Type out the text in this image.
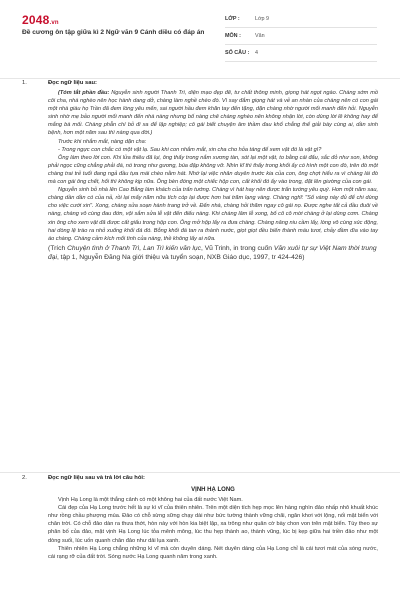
2048.vn
Đề cương ôn tập giữa kì 2 Ngữ văn 9 Cánh diều có đáp án
LỚP :	Lớp 9
MÔN :	Văn
SỐ CÂU :	4
1.	Đọc ngữ liệu sau:

(Tóm tắt phần đầu: Nguyễn sinh người Thanh Trì, diện mạo đẹp đẽ, tư chất thông minh, giọng hát ngọt ngào. Chàng sớm mồ côi cha, nhà nghèo nên học hành dang dở, chàng làm nghề chèo đò. Vì say đắm giọng hát và vẻ an nhàn của chàng nên có con gái một nhà giàu họ Trần đã đem lòng yêu mến, sai người hầu đem khăn tay đến tặng, dặn chàng nhờ người mối manh đến hỏi. Nguyễn sinh nhờ mẹ bảo người mối manh đến nhà nàng nhưng bố nàng chê chàng nghèo nên không nhận lời, còn dùng lời lẽ không hay để mắng bà mối. Chàng phẫn chí bỏ đi xa để lập nghiệp; cô gái biết chuyện âm thầm đau khổ chẳng thể giải bày cùng ai, dần sinh bệnh, hơn một năm sau thì nàng qua đời.)

Trước khi nhắm mắt, nàng dặn cha:

- Trong ngực con chắc có một vật lạ. Sau khi con nhắm mắt, xin cha cho hỏa táng để xem vật đó là vật gì?

Ông làm theo lời con. Khi lửa thiêu đã lụi, ông thấy trong nắm xương tàn, sót lại một vật, to bằng cái đấu, sắc đỏ như son, không phải ngọc cũng chẳng phải đá, nó trong như gương, búa đập không vỡ. Nhìn kĩ thì thấy trong khối ấy có hình một con đò, trên đò một chàng trai trẻ tuổi đang ngả đầu tựa mái chèo nằm hát. Nhớ lại việc nhân duyên trước kia của con, ông chợt hiểu ra vì chàng lái đò mà con gái ông chết, hối thì không kịp nữa. Ông bèn đóng một chiếc hộp con, cất khối đó ấy vào trong, đặt lên giường của con gái.

Nguyễn sinh bỏ nhà lên Cao Bằng làm khách của trấn tướng. Chàng vì hát hay nên được trấn tướng yêu quý. Hơn một năm sau, chàng dần dần có của nả, rồi lại mấy năm nữa tích cóp lại được hơn hai trăm lạng vàng. Chàng nghĩ: "Số vàng này đủ để chi dùng cho việc cưới xin". Xong, chàng sửa soạn hành trang trở về. Đến nhà, chàng hỏi thăm ngay cô gái nọ. Được nghe tất cả đầu đuôi về nàng, chàng vô cùng đau đớn, vội sắm sửa lễ vật đến điếu nàng. Khi chàng lâm lễ xong, bố cô cô mời chàng ở lại dùng cơm. Chàng xin ông cho xem vật đã được cất giấu trong hộp con. Ông mở hộp lấy ra đưa chàng. Chàng nâng niu cầm lấy, lòng vô cùng xúc động, hai dòng lệ trào ra nhỏ xuống khối đá đó. Bỗng khối đá tan ra thành nước, giọt giọt đều biến thành máu tươi, chảy đầm đìa vào tay áo chàng. Chàng cảm kích mối tình của nàng, thề không lấy ai nữa.

(Trích Chuyện tình ở Thanh Trì, Lan Trì kiến văn lục, Vũ Trinh, in trong cuốn Văn xuôi tự sự Việt Nam thời trung đại, tập 1, Nguyễn Đăng Na giới thiệu và tuyển soạn, NXB Giáo dục, 1997, tr 424-426)

2.	Đọc ngữ liệu sau và trả lời câu hỏi:

VỊNH HẠ LONG

Vịnh Hạ Long là một thắng cảnh có một không hai của đất nước Việt Nam.

Cái đẹp của Hạ Long trước hết là sự kì vĩ của thiên nhiên. Trên một diện tích hẹp mọc lên hàng nghìn đảo nhấp nhô khuất khúc như rồng chầu phượng múa. Đảo có chỗ sừng sững chạy dài như bức tường thành vững chãi, ngăn khơi với lộng, nối mặt biển với chân trời. Có chỗ đảo dàn ra thưa thớt, hòn này với hòn kia biệt lập, xa trông như quân cờ bày chon von trên mặt biển. Tùy theo sự phân bố của đảo, mặt vịnh Hạ Long lúc tỏa mênh mông, lúc thu hẹp thành ao, thành vũng, lúc bị kẹp giữa hai triền đảo như một dòng suối, lúc uốn quanh chân đảo như dải lụa xanh.

Thiên nhiên Hạ Long chẳng những kì vĩ mà còn duyên dáng. Nét duyên dáng của Hạ Long chỉ là cái tươi mát của sóng nước, cái rạng rỡ của đất trời. Sóng nước Hạ Long quanh năm trong xanh.
